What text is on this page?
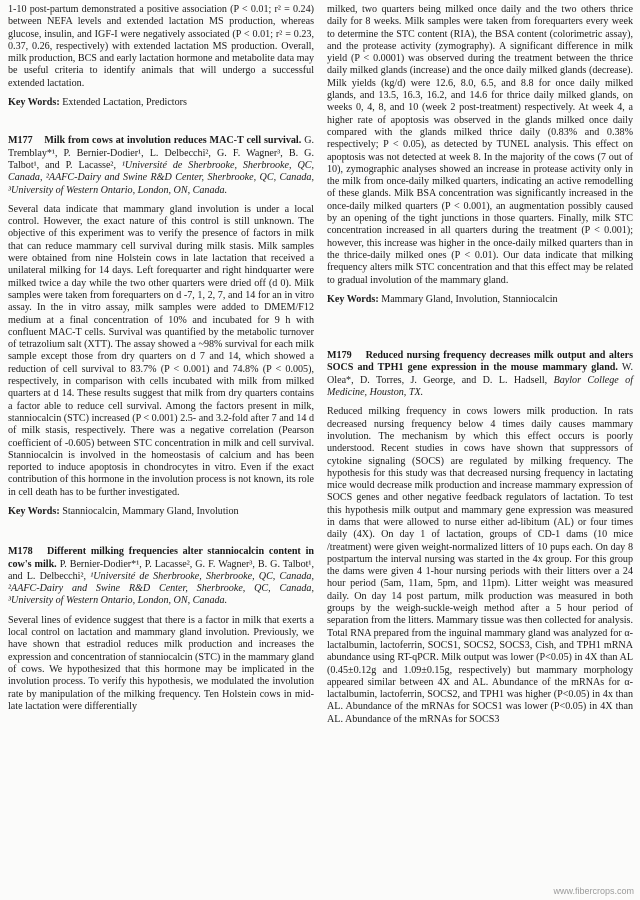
1-10 post-partum demonstrated a positive association (P < 0.01; r² = 0.24) between NEFA levels and extended lactation MS production, whereas glucose, insulin, and IGF-I were negatively associated (P < 0.01; r² = 0.23, 0.37, 0.26, respectively) with extended lactation MS production. Overall, milk production, BCS and early lactation hormone and metabolite data may be useful criteria to identify animals that will undergo a successful extended lactation.

Key Words: Extended Lactation, Predictors

M177 Milk from cows at involution reduces MAC-T cell survival. G. Tremblay*¹, P. Bernier-Dodier¹, L. Delbecchi², G. F. Wagner³, B. G. Talbot¹, and P. Lacasse², ¹Université de Sherbrooke, Sherbrooke, QC, Canada, ²AAFC-Dairy and Swine R&D Center, Sherbrooke, QC, Canada, ³University of Western Ontario, London, ON, Canada.

Several data indicate that mammary gland involution is under a local control. However, the exact nature of this control is still unknown. The objective of this experiment was to verify the presence of factors in milk that can reduce mammary cell survival during milk stasis. Milk samples were obtained from nine Holstein cows in late lactation that received a unilateral milking for 14 days. Left forequarter and right hindquarter were milked twice a day while the two other quarters were dried off (d 0). Milk samples were taken from forequarters on d -7, 1, 2, 7, and 14 for an in vitro assay. In the in vitro assay, milk samples were added to DMEM/F12 medium at a final concentration of 10% and incubated for 9 h with confluent MAC-T cells. Survival was quantified by the metabolic turnover of tetrazolium salt (XTT). The assay showed a ~98% survival for each milk sample except those from dry quarters on d 7 and 14, which showed a reduction of cell survival to 83.7% (P < 0.001) and 74.8% (P < 0.005), respectively, in comparison with cells incubated with milk from milked quarters at d 14. These results suggest that milk from dry quarters contains a factor able to reduce cell survival. Among the factors present in milk, stanniocalcin (STC) increased (P < 0.001) 2.5- and 3.2-fold after 7 and 14 d of milk stasis, respectively. There was a negative correlation (Pearson coefficient of -0.605) between STC concentration in milk and cell survival. Stanniocalcin is involved in the homeostasis of calcium and has been reported to induce apoptosis in chondrocytes in vitro. Even if the exact contribution of this hormone in the involution process is not known, its role in cell death has to be further investigated.

Key Words: Stanniocalcin, Mammary Gland, Involution

M178 Different milking frequencies alter stanniocalcin content in cow's milk. P. Bernier-Dodier*¹, P. Lacasse², G. F. Wagner³, B. G. Talbot¹, and L. Delbecchi², ¹Université de Sherbrooke, Sherbrooke, QC, Canada, ²AAFC-Dairy and Swine R&D Center, Sherbrooke, QC, Canada, ³University of Western Ontario, London, ON, Canada.

Several lines of evidence suggest that there is a factor in milk that exerts a local control on lactation and mammary gland involution. Previously, we have shown that estradiol reduces milk production and increases the expression and concentration of stanniocalcin (STC) in the mammary gland of cows. We hypothesized that this hormone may be implicated in the involution process. To verify this hypothesis, we modulated the involution rate by manipulation of the milking frequency. Ten Holstein cows in mid-late lactation were differentially

milked, two quarters being milked once daily and the two others thrice daily for 8 weeks. Milk samples were taken from forequarters every week to determine the STC content (RIA), the BSA content (colorimetric assay), and the protease activity (zymography). A significant difference in milk yield (P < 0.0001) was observed during the treatment between the thrice daily milked glands (increase) and the once daily milked glands (decrease). Milk yields (kg/d) were 12.6, 8.0, 6.5, and 8.8 for once daily milked glands, and 13.5, 16.3, 16.2, and 14.6 for thrice daily milked glands, on weeks 0, 4, 8, and 10 (week 2 post-treatment) respectively. At week 4, a higher rate of apoptosis was observed in the glands milked once daily compared with the glands milked thrice daily (0.83% and 0.38% respectively; P < 0.05), as detected by TUNEL analysis. This effect on apoptosis was not detected at week 8. In the majority of the cows (7 out of 10), zymographic analyses showed an increase in protease activity only in the milk from once-daily milked quarters, indicating an active remodelling of these glands. Milk BSA concentration was significantly increased in the once-daily milked quarters (P < 0.001), an augmentation possibly caused by an opening of the tight junctions in those quarters. Finally, milk STC concentration increased in all quarters during the treatment (P < 0.001); however, this increase was higher in the once-daily milked quarters than in the thrice-daily milked ones (P < 0.01). Our data indicate that milking frequency alters milk STC concentration and that this effect may be related to gradual involution of the mammary gland.

Key Words: Mammary Gland, Involution, Stanniocalcin

M179 Reduced nursing frequency decreases milk output and alters SOCS and TPH1 gene expression in the mouse mammary gland. W. Olea*, D. Torres, J. George, and D. L. Hadsell, Baylor College of Medicine, Houston, TX.

Reduced milking frequency in cows lowers milk production. In rats decreased nursing frequency below 4 times daily causes mammary involution. The mechanism by which this effect occurs is poorly understood. Recent studies in cows have shown that suppressors of cytokine signaling (SOCS) are regulated by milking frequency. The hypothesis for this study was that decreased nursing frequency in lactating mice would decrease milk production and increase mammary expression of SOCS genes and other negative feedback regulators of lactation. To test this hypothesis milk output and mammary gene expression was measured in dams that were allowed to nurse either ad-libitum (AL) or four times daily (4X). On day 1 of lactation, groups of CD-1 dams (10 mice /treatment) were given weight-normalized litters of 10 pups each. On day 8 postpartum the interval nursing was started in the 4x group. For this group the dams were given 4 1-hour nursing periods with their litters over a 24 hour period (5am, 11am, 5pm, and 11pm). Litter weight was measured daily. On day 14 post partum, milk production was measured in both groups by the weigh-suckle-weigh method after a 5 hour period of separation from the litters. Mammary tissue was then collected for analysis. Total RNA prepared from the inguinal mammary gland was analyzed for α-lactalbumin, lactoferrin, SOCS1, SOCS2, SOCS3, Cish, and TPH1 mRNA abundance using RT-qPCR. Milk output was lower (P<0.05) in 4X than AL (0.45±0.12g and 1.09±0.15g, respectively) but mammary morphology appeared similar between 4X and AL. Abundance of the mRNAs for α-lactalbumin, lactoferrin, SOCS2, and TPH1 was higher (P<0.05) in 4x than AL. Abundance of the mRNAs for SOCS1 was lower (P<0.05) in 4X than AL. Abundance of the mRNAs for SOCS3

www.fibercrops.com
